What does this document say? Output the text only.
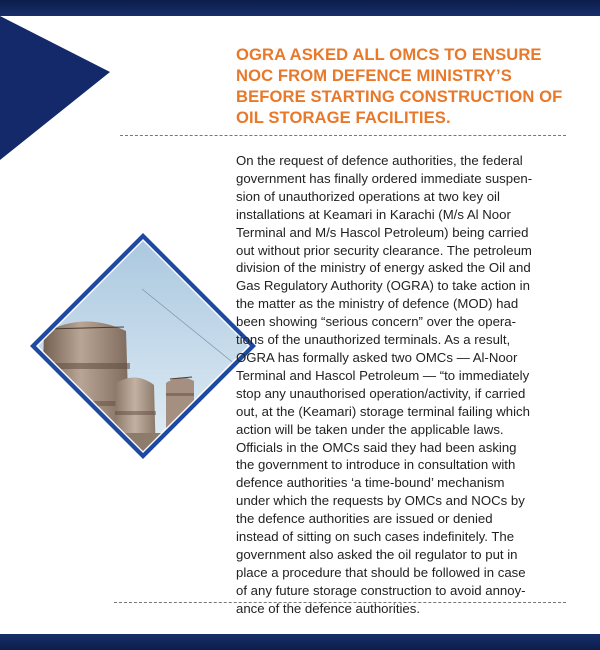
OGRA ASKED ALL OMCS TO ENSURE NOC FROM DEFENCE MINISTRY’S BEFORE STARTING CONSTRUCTION OF OIL STORAGE FACILITIES.
On the request of defence authorities, the federal
government has finally ordered immediate suspen-
sion of unauthorized operations at two key oil
installations at Keamari in Karachi (M/s Al Noor
Terminal and M/s Hascol Petroleum) being carried
out without prior security clearance. The petroleum
division of the ministry of energy asked the Oil and
Gas Regulatory Authority (OGRA) to take action in
the matter as the ministry of defence (MOD) had
been showing “serious concern” over the opera-
tions of the unauthorized terminals. As a result,
OGRA has formally asked two OMCs — Al-Noor
Terminal and Hascol Petroleum — “to immediately
stop any unauthorised operation/activity, if carried
out, at the (Keamari) storage terminal failing which
action will be taken under the applicable laws.
Officials in the OMCs said they had been asking
the government to introduce in consultation with
defence authorities ‘a time-bound’ mechanism
under which the requests by OMCs and NOCs by
the defence authorities are issued or denied
instead of sitting on such cases indefinitely. The
government also asked the oil regulator to put in
place a procedure that should be followed in case
of any future storage construction to avoid annoy-
ance of the defence authorities.
